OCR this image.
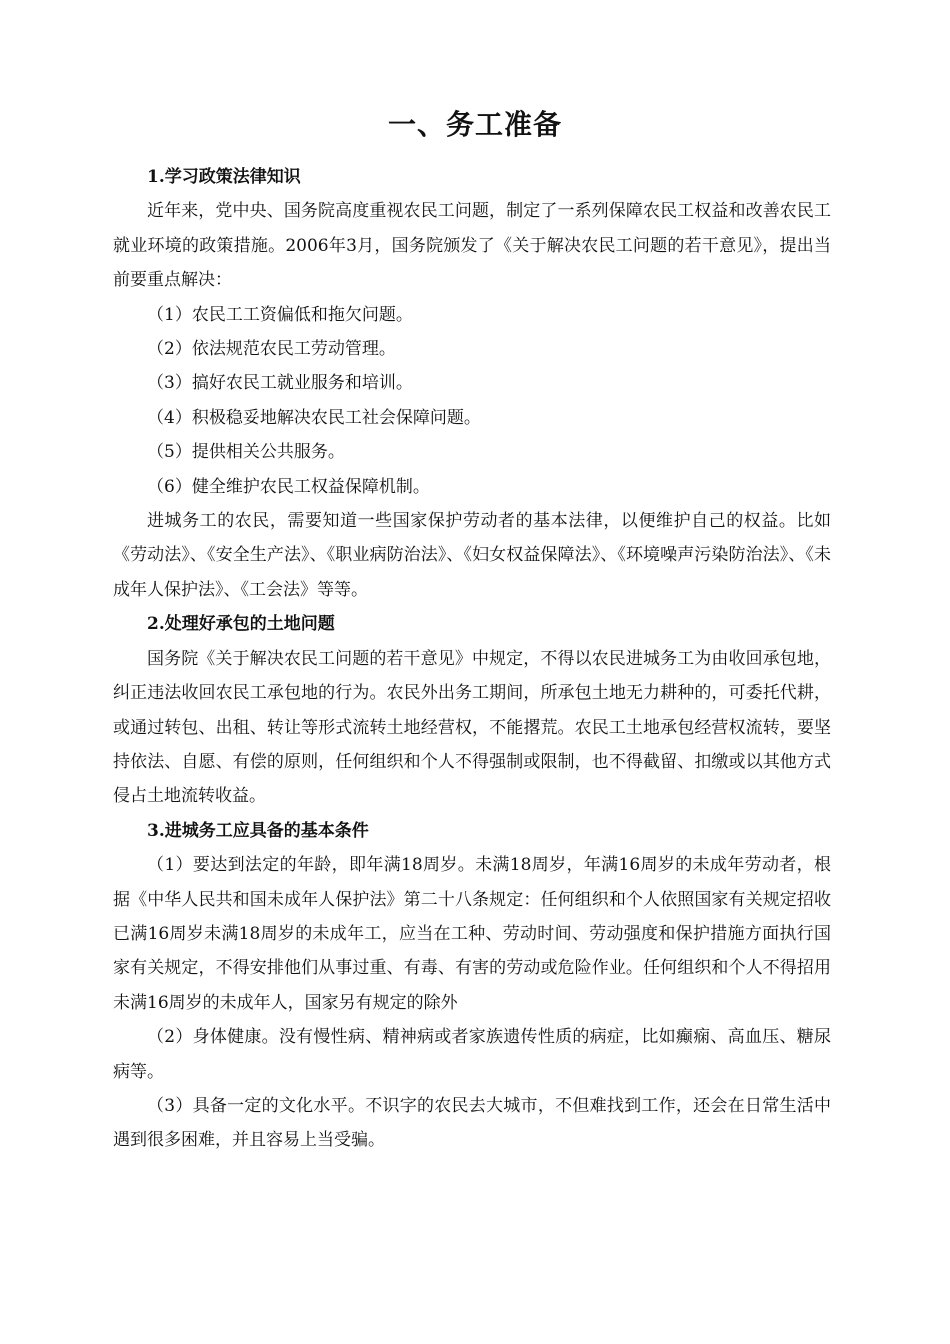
一、务工准备

1.学习政策法律知识

近年来，党中央、国务院高度重视农民工问题，制定了一系列保障农民工权益和改善农民工就业环境的政策措施。2006年3月，国务院颁发了《关于解决农民工问题的若干意见》，提出当前要重点解决：

（1）农民工工资偏低和拖欠问题。

（2）依法规范农民工劳动管理。

（3）搞好农民工就业服务和培训。

（4）积极稳妥地解决农民工社会保障问题。

（5）提供相关公共服务。

（6）健全维护农民工权益保障机制。

进城务工的农民，需要知道一些国家保护劳动者的基本法律，以便维护自己的权益。比如《劳动法》、《安全生产法》、《职业病防治法》、《妇女权益保障法》、《环境噪声污染防治法》、《未成年人保护法》、《工会法》等等。

2.处理好承包的土地问题

国务院《关于解决农民工问题的若干意见》中规定，不得以农民进城务工为由收回承包地，纠正违法收回农民工承包地的行为。农民外出务工期间，所承包土地无力耕种的，可委托代耕，或通过转包、出租、转让等形式流转土地经营权，不能撂荒。农民工土地承包经营权流转，要坚持依法、自愿、有偿的原则，任何组织和个人不得强制或限制，也不得截留、扣缴或以其他方式侵占土地流转收益。

3.进城务工应具备的基本条件

（1）要达到法定的年龄，即年满18周岁。未满18周岁，年满16周岁的未成年劳动者，根据《中华人民共和国未成年人保护法》第二十八条规定：任何组织和个人依照国家有关规定招收已满16周岁未满18周岁的未成年工，应当在工种、劳动时间、劳动强度和保护措施方面执行国家有关规定，不得安排他们从事过重、有毒、有害的劳动或危险作业。任何组织和个人不得招用未满16周岁的未成年人，国家另有规定的除外

（2）身体健康。没有慢性病、精神病或者家族遗传性质的病症，比如癫痫、高血压、糖尿病等。

（3）具备一定的文化水平。不识字的农民去大城市，不但难找到工作，还会在日常生活中遇到很多困难，并且容易上当受骗。
